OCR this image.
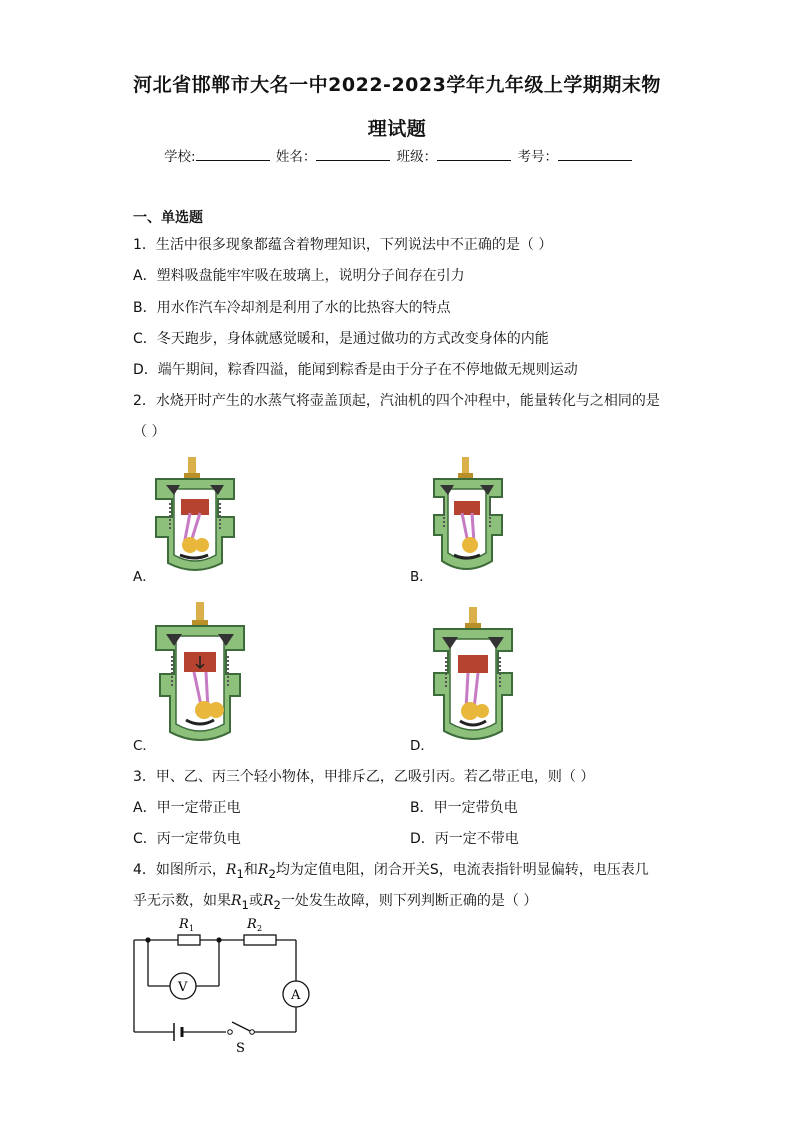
河北省邯郸市大名一中2022-2023学年九年级上学期期末物
理试题
学校:	姓名：	班级：	考号：
一、单选题
1．生活中很多现象都蕴含着物理知识，下列说法中不正确的是（ ）
A．塑料吸盘能牢牢吸在玻璃上，说明分子间存在引力
B．用水作汽车冷却剂是利用了水的比热容大的特点
C．冬天跑步，身体就感觉暖和，是通过做功的方式改变身体的内能
D．端午期间，粽香四溢，能闻到粽香是由于分子在不停地做无规则运动
2．水烧开时产生的水蒸气将壶盖顶起，汽油机的四个冲程中，能量转化与之相同的是
（ ）
A．	B．
C．	D．
3．甲、乙、丙三个轻小物体，甲排斥乙，乙吸引丙。若乙带正电，则（ ）
A．甲一定带正电	B．甲一定带负电
C．丙一定带负电	D．丙一定不带电
4．如图所示，$R_1$和$R_2$均为定值电阻，闭合开关S，电流表指针明显偏转，电压表几
乎无示数，如果$R_1$或$R_2$一处发生故障，则下列判断正确的是（ ）
R 1	R 2
V
A
S
